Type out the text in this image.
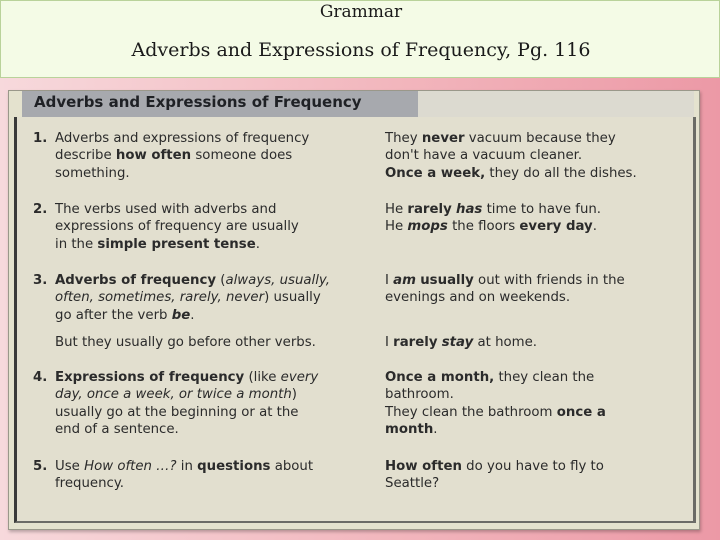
Grammar
Adverbs and Expressions of Frequency, Pg. 116
Adverbs and Expressions of Frequency
1. Adverbs and expressions of frequency
describe how often someone does
something.
They never vacuum because they
don't have a vacuum cleaner.
Once a week, they do all the dishes.
2. The verbs used with adverbs and
expressions of frequency are usually
in the simple present tense.
He rarely has time to have fun.
He mops the floors every day.
3. Adverbs of frequency (always, usually,
often, sometimes, rarely, never) usually
go after the verb be.
I am usually out with friends in the
evenings and on weekends.
But they usually go before other verbs.	I rarely stay at home.
4. Expressions of frequency (like every
day, once a week, or twice a month)
usually go at the beginning or at the
end of a sentence.
Once a month, they clean the
bathroom.
They clean the bathroom once a
month.
5. Use How often …? in questions about
frequency.
How often do you have to fly to
Seattle?
